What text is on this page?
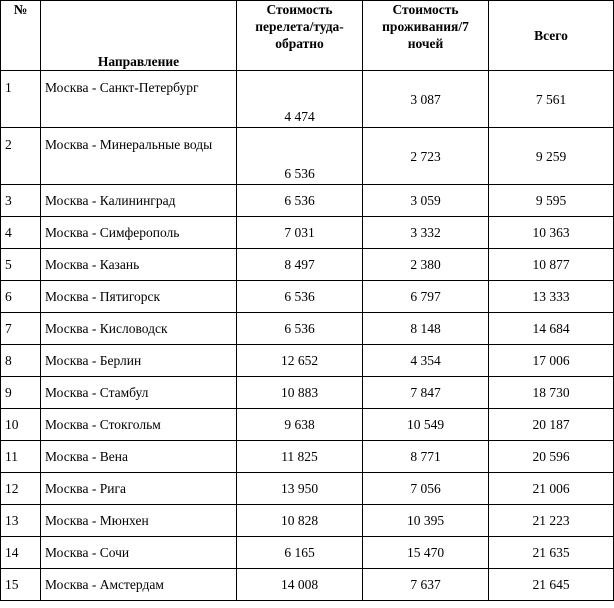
№	Направление	Стоимость перелета/туда-обратно	Стоимость проживания/7 ночей	Всего
1	Москва - Санкт-Петербург	4 474	3 087	7 561
2	Москва - Минеральные воды	6 536	2 723	9 259
3	Москва - Калининград	6 536	3 059	9 595
4	Москва - Симферополь	7 031	3 332	10 363
5	Москва - Казань	8 497	2 380	10 877
6	Москва - Пятигорск	6 536	6 797	13 333
7	Москва - Кисловодск	6 536	8 148	14 684
8	Москва - Берлин	12 652	4 354	17 006
9	Москва - Стамбул	10 883	7 847	18 730
10	Москва - Стокгольм	9 638	10 549	20 187
11	Москва - Вена	11 825	8 771	20 596
12	Москва - Рига	13 950	7 056	21 006
13	Москва - Мюнхен	10 828	10 395	21 223
14	Москва - Сочи	6 165	15 470	21 635
15	Москва - Амстердам	14 008	7 637	21 645
